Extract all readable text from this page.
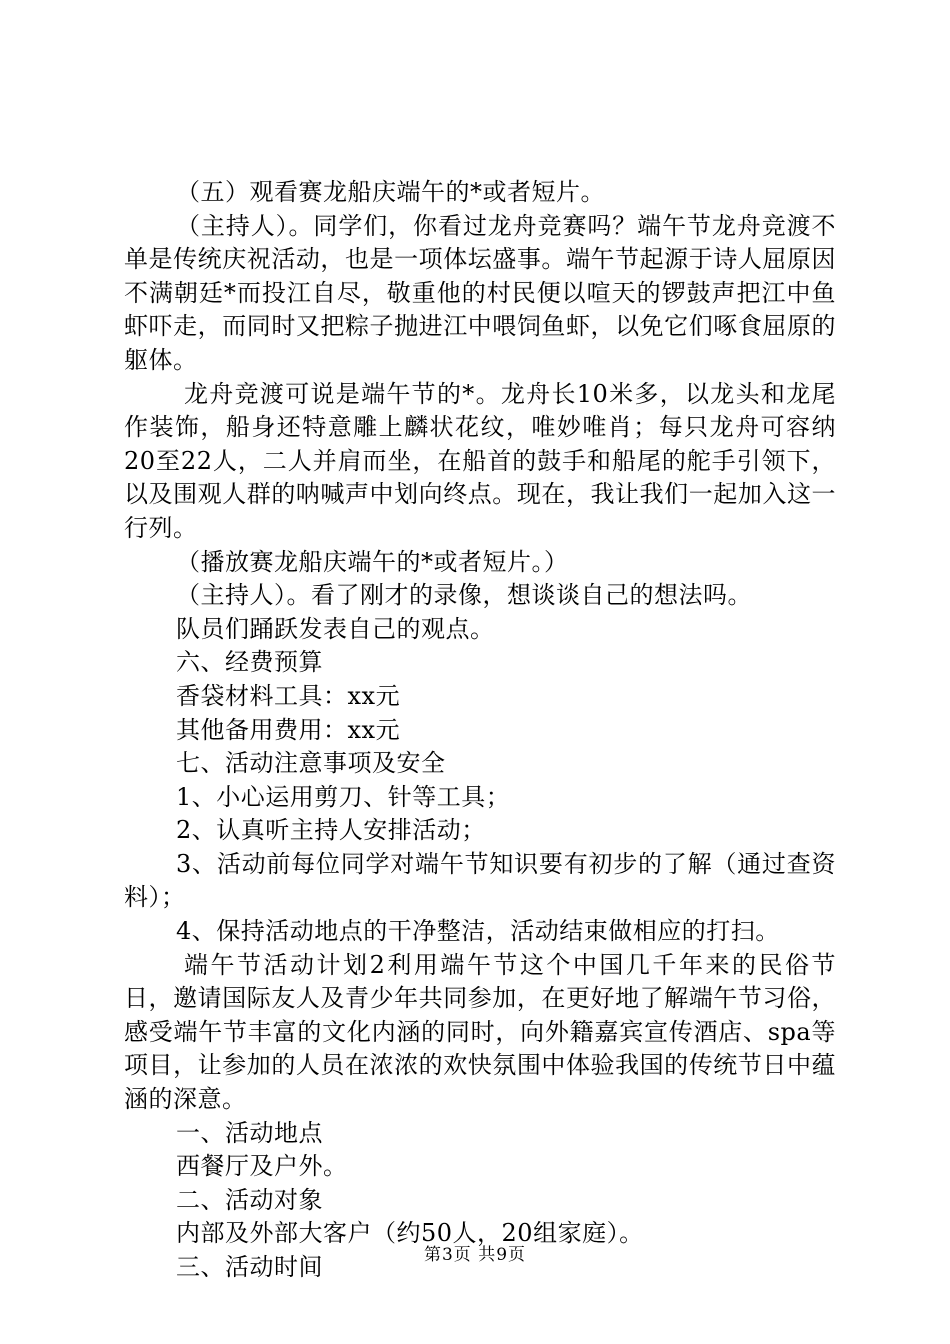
（五）观看赛龙船庆端午的*或者短片。

（主持人）。同学们，你看过龙舟竞赛吗？端午节龙舟竞渡不单是传统庆祝活动，也是一项体坛盛事。端午节起源于诗人屈原因不满朝廷*而投江自尽，敬重他的村民便以喧天的锣鼓声把江中鱼虾吓走，而同时又把粽子抛进江中喂饲鱼虾，以免它们啄食屈原的躯体。

龙舟竞渡可说是端午节的*。龙舟长10米多，以龙头和龙尾作装饰，船身还特意雕上麟状花纹，唯妙唯肖；每只龙舟可容纳20至22人，二人并肩而坐，在船首的鼓手和船尾的舵手引领下，以及围观人群的呐喊声中划向终点。现在，我让我们一起加入这一行列。

（播放赛龙船庆端午的*或者短片。）

（主持人）。看了刚才的录像，想谈谈自己的想法吗。

队员们踊跃发表自己的观点。

六、经费预算

香袋材料工具：xx元

其他备用费用：xx元

七、活动注意事项及安全

1、小心运用剪刀、针等工具；

2、认真听主持人安排活动；

3、活动前每位同学对端午节知识要有初步的了解（通过查资料）；

4、保持活动地点的干净整洁，活动结束做相应的打扫。

端午节活动计划2利用端午节这个中国几千年来的民俗节日，邀请国际友人及青少年共同参加，在更好地了解端午节习俗，感受端午节丰富的文化内涵的同时，向外籍嘉宾宣传酒店、spa等项目，让参加的人员在浓浓的欢快氛围中体验我国的传统节日中蕴涵的深意。

一、活动地点

西餐厅及户外。

二、活动对象

内部及外部大客户（约50人，20组家庭）。

三、活动时间	第3页 共9页
